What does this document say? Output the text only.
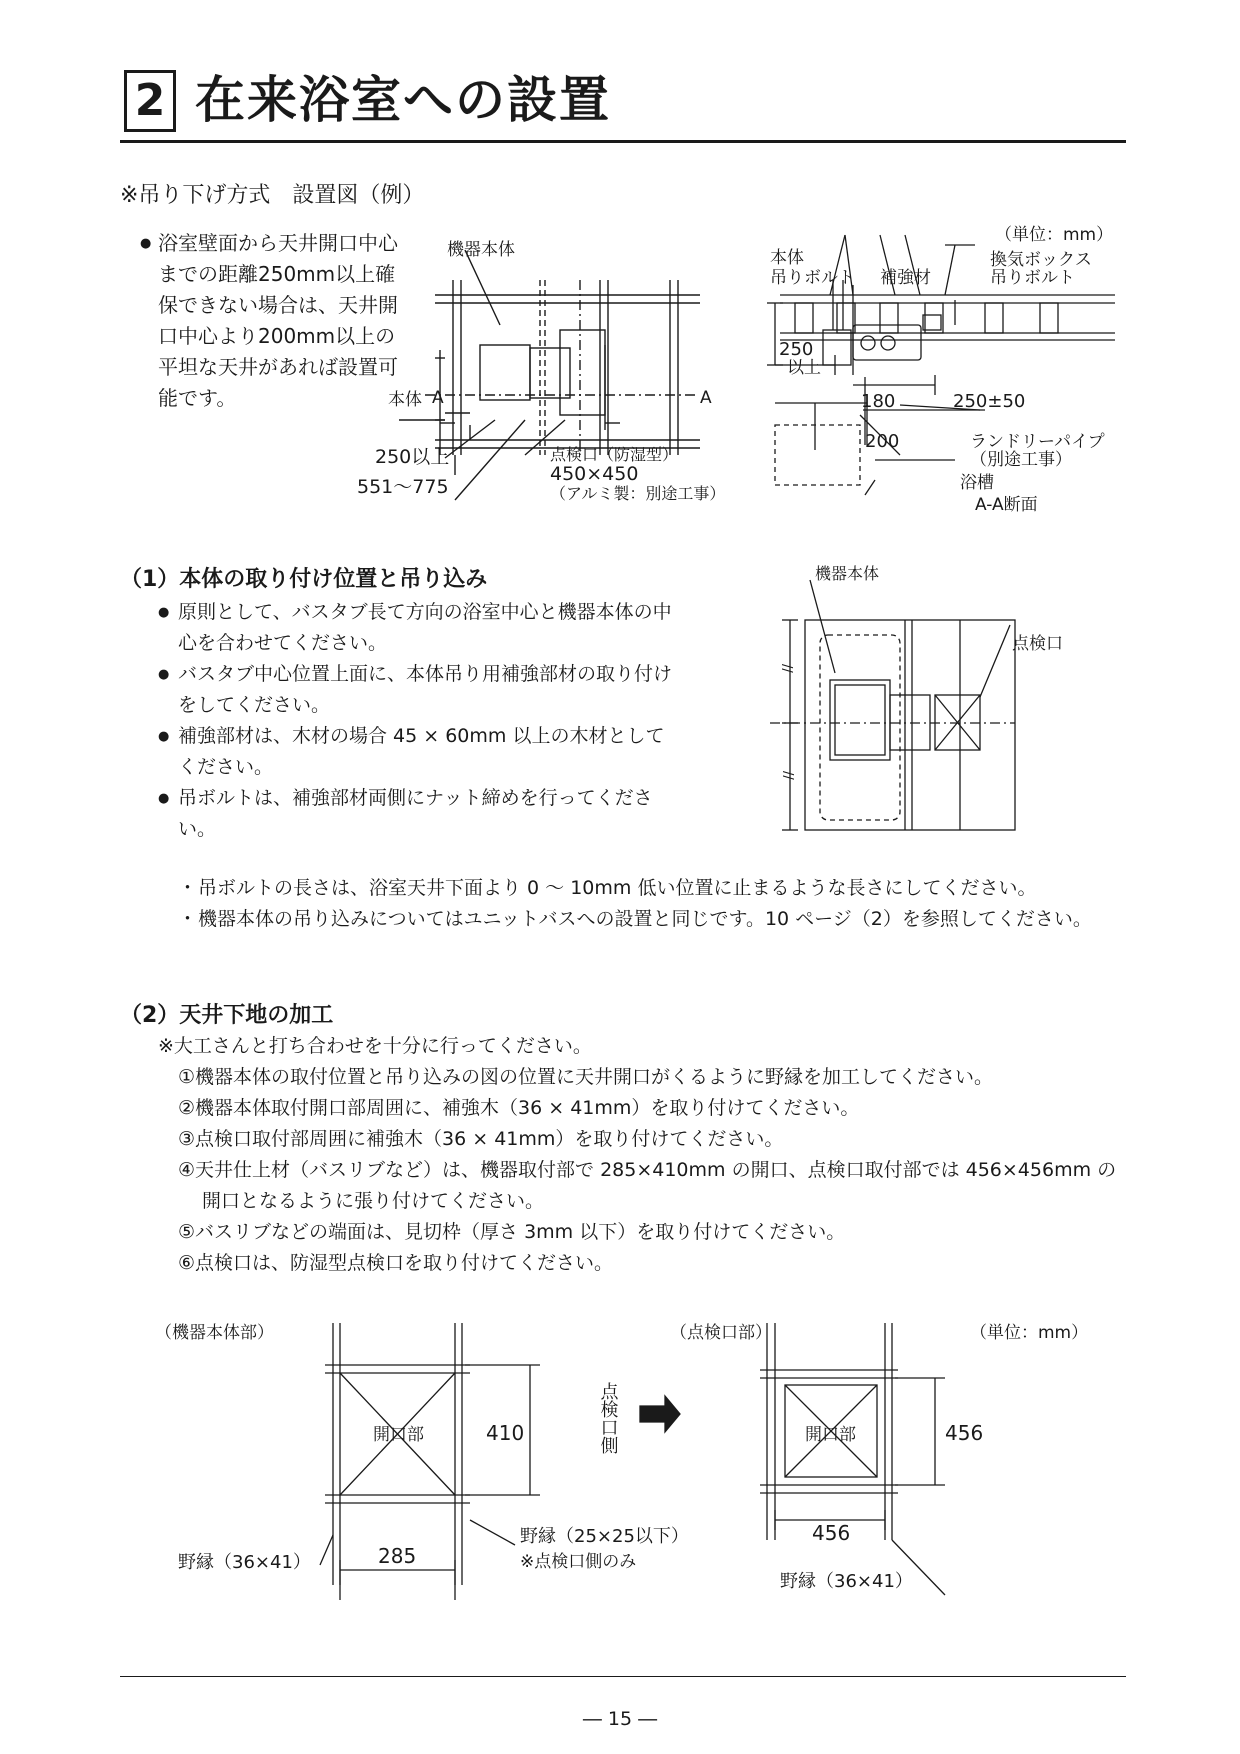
2 在来浴室への設置
※吊り下げ方式　設置図（例）
● 浴室壁面から天井開口中心までの距離250mm以上確保できない場合は、天井開口中心より200mm以上の平坦な天井があれば設置可能です。
機器本体
本体 A	A
250以上
551〜775
点検口（防湿型）
450×450
（アルミ製：別途工事）
（単位：mm）
本体
吊りボルト 補強材
換気ボックス
吊りボルト
250
以上
180	250±50
200	ランドリーパイプ
（別途工事）
浴槽
A-A断面
（1）本体の取り付け位置と吊り込み
● 原則として、バスタブ長て方向の浴室中心と機器本体の中心を合わせてください。
● バスタブ中心位置上面に、本体吊り用補強部材の取り付けをしてください。
● 補強部材は、木材の場合 45 × 60mm 以上の木材としてください。
● 吊ボルトは、補強部材両側にナット締めを行ってください。
機器本体
点検口
//
//
・ 吊ボルトの長さは、浴室天井下面より 0 〜 10mm 低い位置に止まるような長さにしてください。
・ 機器本体の吊り込みについてはユニットバスへの設置と同じです。10 ページ（2）を参照してください。
（2）天井下地の加工
※大工さんと打ち合わせを十分に行ってください。
①機器本体の取付位置と吊り込みの図の位置に天井開口がくるように野縁を加工してください。
②機器本体取付開口部周囲に、補強木（36 × 41mm）を取り付けてください。
③点検口取付部周囲に補強木（36 × 41mm）を取り付けてください。
④天井仕上材（バスリブなど）は、機器取付部で 285×410mm の開口、点検口取付部では 456×456mm の開口となるように張り付けてください。
⑤バスリブなどの端面は、見切枠（厚さ 3mm 以下）を取り付けてください。
⑥点検口は、防湿型点検口を取り付けてください。
（機器本体部）	（点検口部）	（単位：mm）
開口部	410
285
点検口側	開口部	456
456
野縁（36×41）
野縁（25×25以下）
※点検口側のみ
野縁（36×41）
― 15 ―
